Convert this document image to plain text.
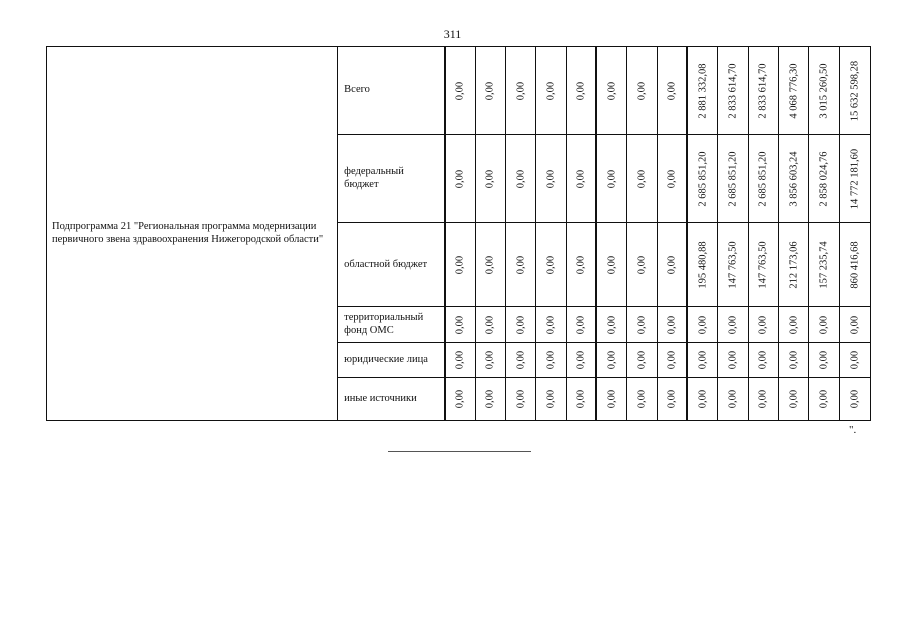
311
Подпрограмма 21 "Региональная программа модернизации первичного звена здравоохранения Нижегородской области"	Всего	0,00	0,00	0,00	0,00	0,00	0,00	0,00	0,00	2 881 332,08	2 833 614,70	2 833 614,70	4 068 776,30	3 015 260,50	15 632 598,28

	федеральный бюджет	0,00	0,00	0,00	0,00	0,00	0,00	0,00	0,00	2 685 851,20	2 685 851,20	2 685 851,20	3 856 603,24	2 858 024,76	14 772 181,60

	областной бюджет	0,00	0,00	0,00	0,00	0,00	0,00	0,00	0,00	195 480,88	147 763,50	147 763,50	212 173,06	157 235,74	860 416,68

	территориальный фонд ОМС	0,00	0,00	0,00	0,00	0,00	0,00	0,00	0,00	0,00	0,00	0,00	0,00	0,00	0,00

	юридические лица	0,00	0,00	0,00	0,00	0,00	0,00	0,00	0,00	0,00	0,00	0,00	0,00	0,00	0,00

	иные источники	0,00	0,00	0,00	0,00	0,00	0,00	0,00	0,00	0,00	0,00	0,00	0,00	0,00	0,00
".
